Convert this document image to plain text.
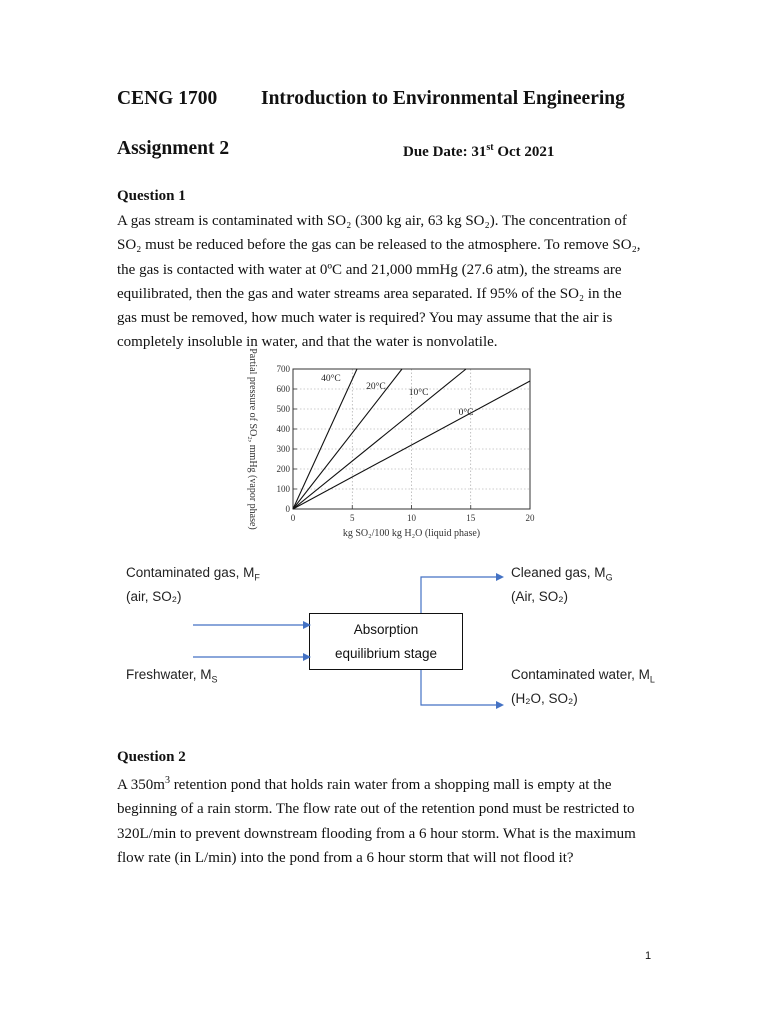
CENG 1700 Introduction to Environmental Engineering
Assignment 2	Due Date: 31st Oct 2021
Question 1
A gas stream is contaminated with SO₂ (300 kg air, 63 kg SO₂). The concentration of
SO₂ must be reduced before the gas can be released to the atmosphere. To remove SO₂,
the gas is contacted with water at 0ºC and 21,000 mmHg (27.6 atm), the streams are
equilibrated, then the gas and water streams area separated. If 95% of the SO₂ in the
gas must be removed, how much water is required? You may assume that the air is
completely insoluble in water, and that the water is nonvolatile.
0	5	10	15	20
0
100
200
300
400
500
600
700
40°C
20°C
10°C
0°C
kg SO₂/100 kg H₂O (liquid phase)
Partial pressure of SO₂, mmHg (vapor phase)
Contaminated gas, $M_F$
(air, SO₂)
Freshwater, $M_S$
Absorption
equilibrium stage
Cleaned gas, $M_G$
(Air, SO₂)
Contaminated water, $M_L$
(H₂O, SO₂)
Question 2
A $350m^3$ retention pond that holds rain water from a shopping mall is empty at the
beginning of a rain storm. The flow rate out of the retention pond must be restricted to
320L/min to prevent downstream flooding from a 6 hour storm. What is the maximum
flow rate (in L/min) into the pond from a 6 hour storm that will not flood it?
1
